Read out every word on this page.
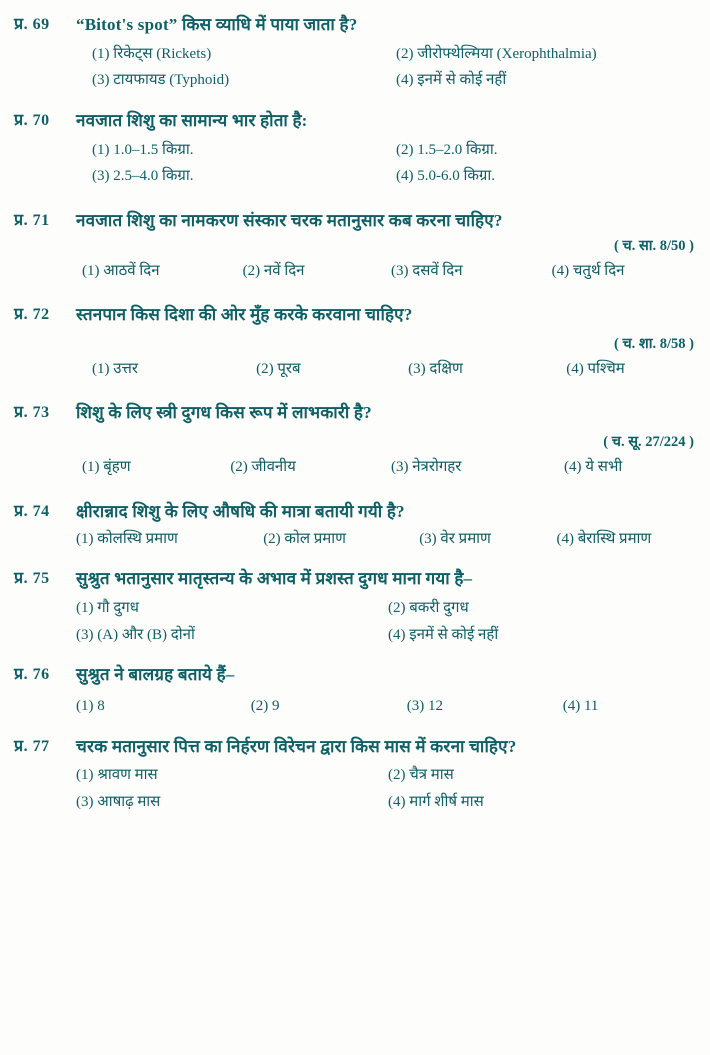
प्र. 69	“Bitot's spot” किस व्याधि में पाया जाता है?
(1) रिकेट्स (Rickets)	(2) जीरोफ्थेल्मिया (Xerophthalmia)
(3) टायफायड (Typhoid)	(4) इनमें से कोई नहीं
प्र. 70	नवजात शिशु का सामान्य भार होता है:
(1) 1.0–1.5 किग्रा.	(2) 1.5–2.0 किग्रा.
(3) 2.5–4.0 किग्रा.	(4) 5.0-6.0 किग्रा.
प्र. 71	नवजात शिशु का नामकरण संस्कार चरक मतानुसार कब करना चाहिए?
( च. सा. 8/50 )
(1) आठवें दिन	(2) नवें दिन	(3) दसवें दिन	(4) चतुर्थ दिन
प्र. 72	स्तनपान किस दिशा की ओर मुँह करके करवाना चाहिए?
( च. शा. 8/58 )
(1) उत्तर	(2) पूरब	(3) दक्षिण	(4) पश्चिम
प्र. 73	शिशु के लिए स्त्री दुगध किस रूप में लाभकारी है?
( च. सू. 27/224 )
(1) बृंहण	(2) जीवनीय	(3) नेत्ररोगहर	(4) ये सभी
प्र. 74	क्षीरान्नाद शिशु के लिए औषधि की मात्रा बतायी गयी है?
(1) कोलस्थि प्रमाण	(2) कोल प्रमाण	(3) वेर प्रमाण	(4) बेरास्थि प्रमाण
प्र. 75	सुश्रुत भतानुसार मातृस्तन्य के अभाव में प्रशस्त दुगध माना गया है–
(1) गौ दुगध	(2) बकरी दुगध
(3) (A) और (B) दोनों	(4) इनमें से कोई नहीं
प्र. 76	सुश्रुत ने बालग्रह बताये हैं–
(1) 8	(2) 9	(3) 12	(4) 11
प्र. 77	चरक मतानुसार पित्त का निर्हरण विरेचन द्वारा किस मास में करना चाहिए?
(1) श्रावण मास	(2) चैत्र मास
(3) आषाढ़ मास	(4) मार्ग शीर्ष मास
